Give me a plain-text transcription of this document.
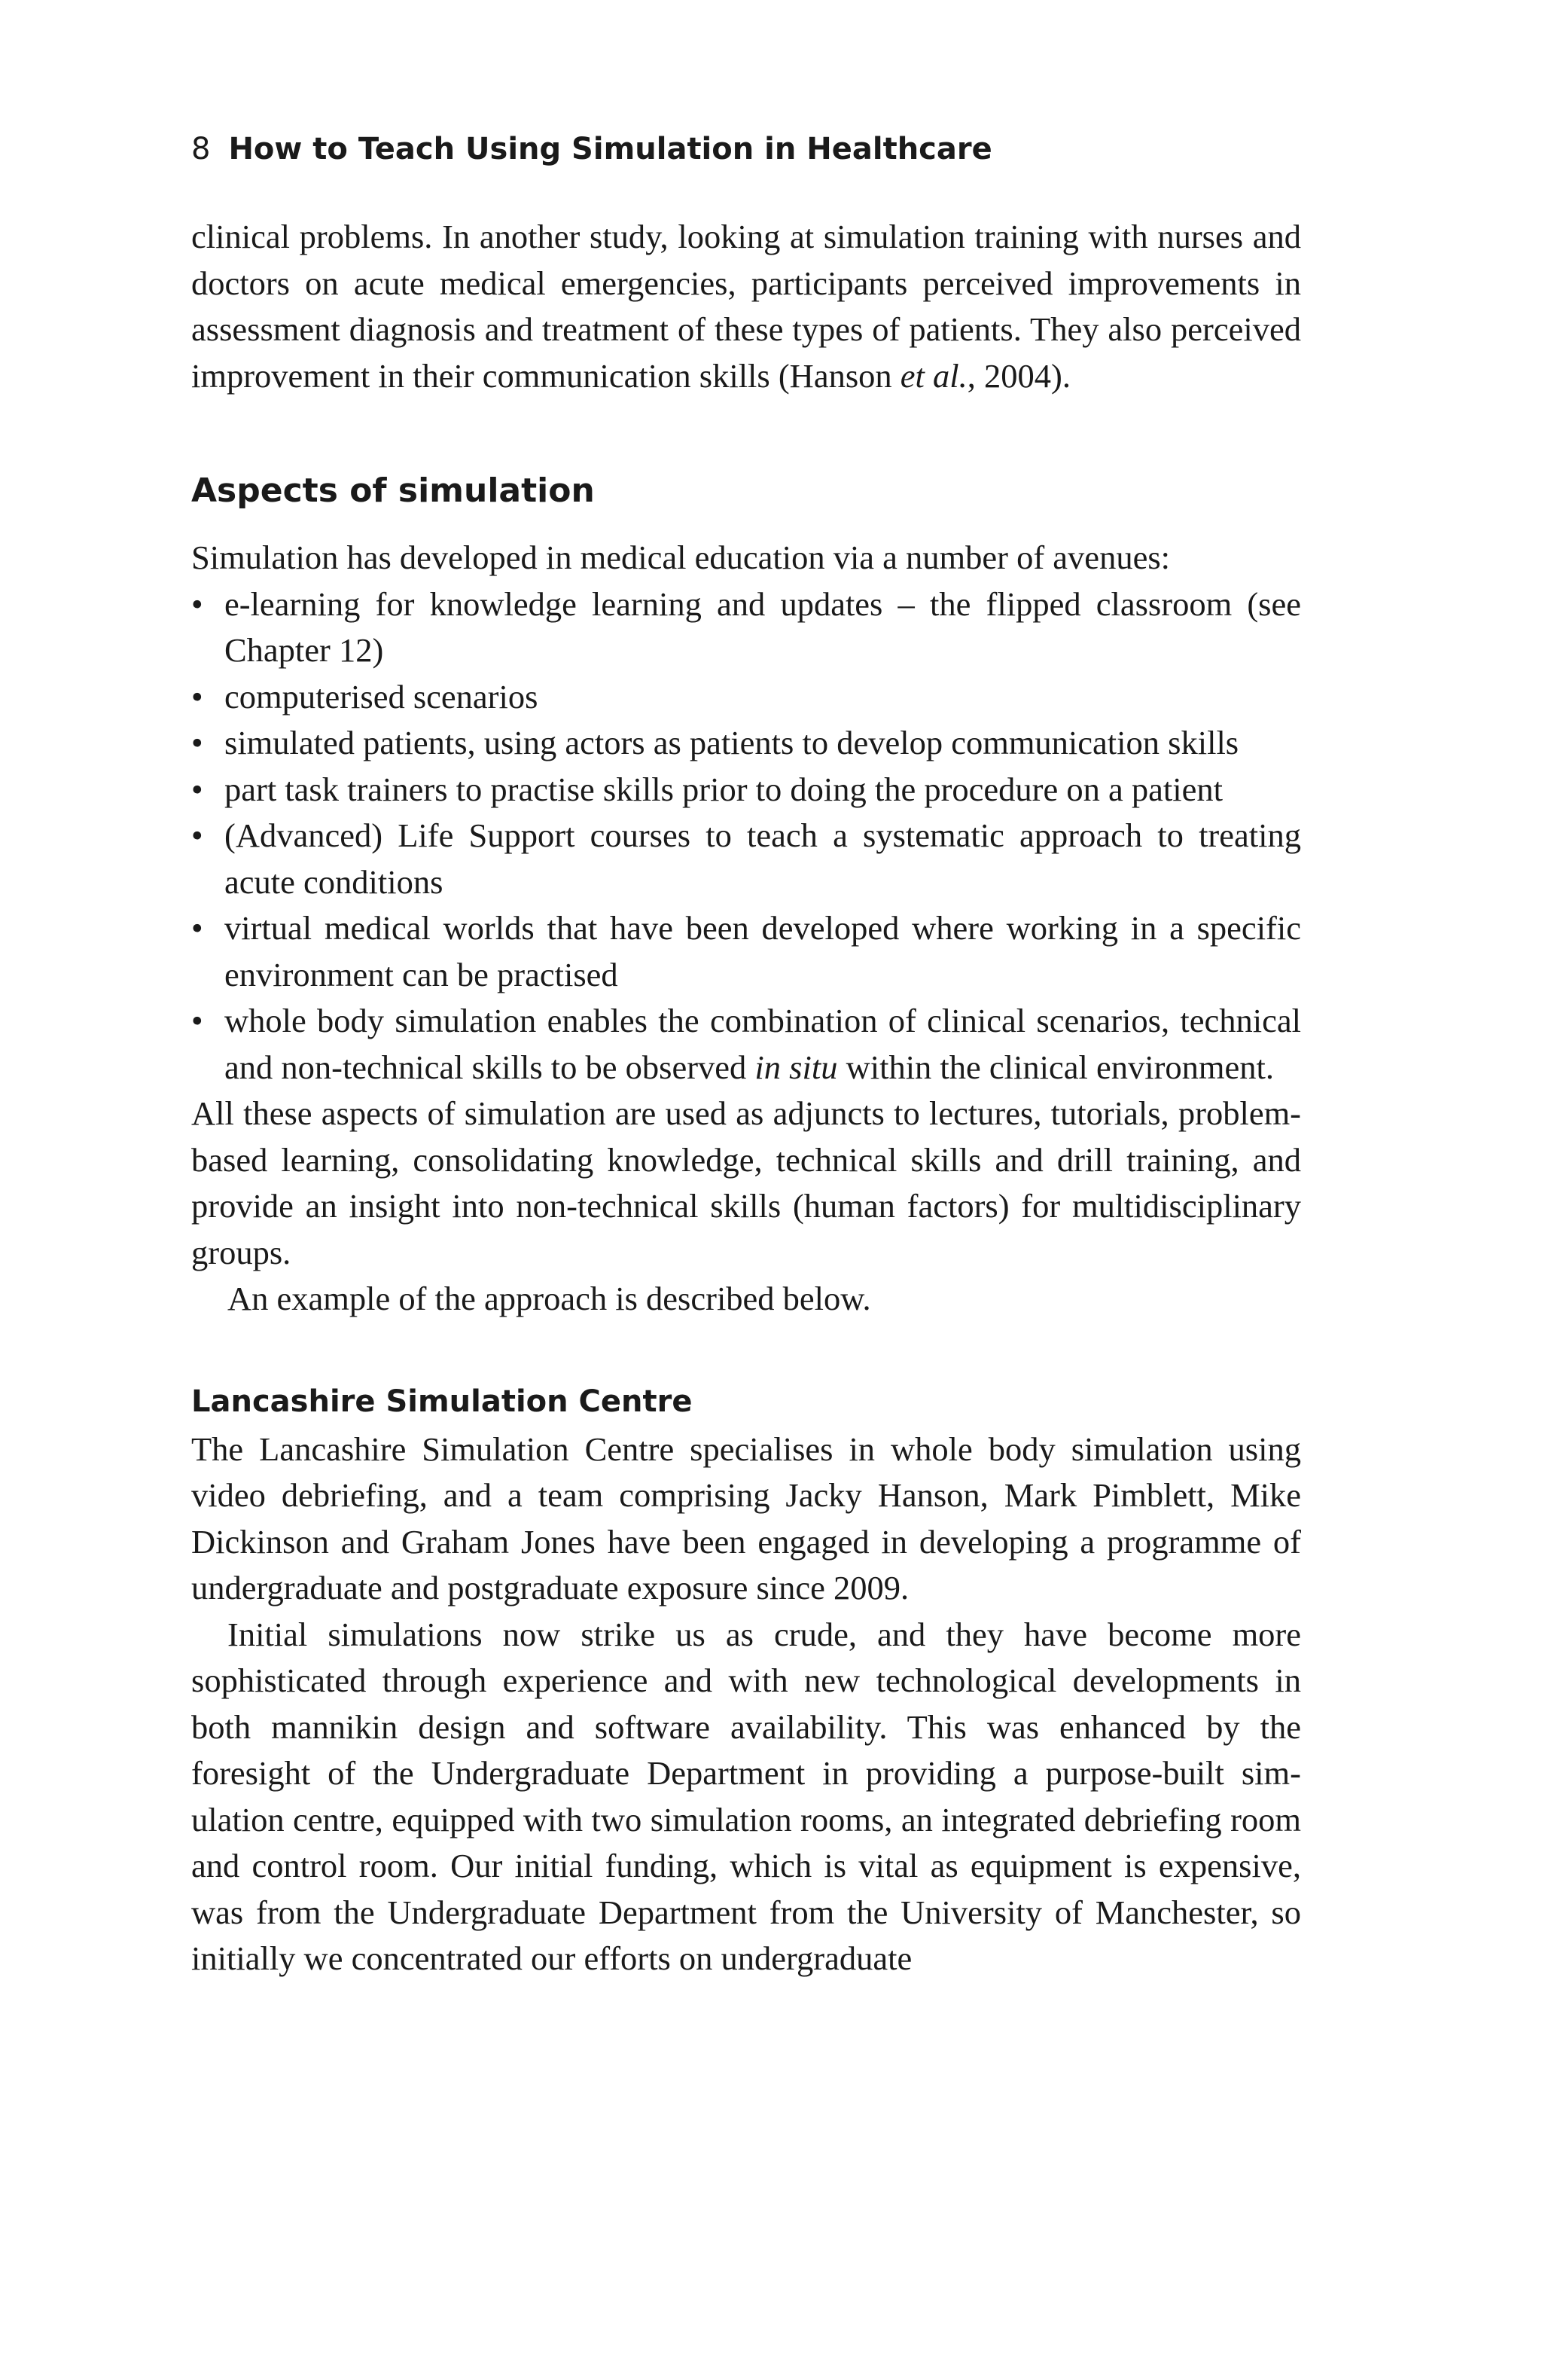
8 How to Teach Using Simulation in Healthcare

clinical problems. In another study, looking at simulation training with nurses and doctors on acute medical emergencies, participants perceived improvements in assessment diagnosis and treatment of these types of patients. They also perceived improvement in their communication skills (Hanson et al., 2004).

Aspects of simulation

Simulation has developed in medical education via a number of avenues:

• e-learning for knowledge learning and updates – the flipped classroom (see Chapter 12)
• computerised scenarios
• simulated patients, using actors as patients to develop communication skills
• part task trainers to practise skills prior to doing the procedure on a patient
• (Advanced) Life Support courses to teach a systematic approach to treating acute conditions
• virtual medical worlds that have been developed where working in a specific environment can be practised
• whole body simulation enables the combination of clinical scenarios, technical and non-technical skills to be observed in situ within the clinical environment.

All these aspects of simulation are used as adjuncts to lectures, tutorials, problem-based learning, consolidating knowledge, technical skills and drill training, and provide an insight into non-technical skills (human factors) for multidisciplinary groups.

An example of the approach is described below.

Lancashire Simulation Centre

The Lancashire Simulation Centre specialises in whole body simulation using video debriefing, and a team comprising Jacky Hanson, Mark Pimblett, Mike Dickinson and Graham Jones have been engaged in developing a programme of undergraduate and postgraduate exposure since 2009.

Initial simulations now strike us as crude, and they have become more sophisticated through experience and with new technological developments in both mannikin design and software availability. This was enhanced by the foresight of the Undergraduate Department in providing a purpose-built simulation centre, equipped with two simulation rooms, an integrated debriefing room and control room. Our initial funding, which is vital as equipment is expensive, was from the Undergraduate Department from the University of Manchester, so initially we concentrated our efforts on undergraduate
